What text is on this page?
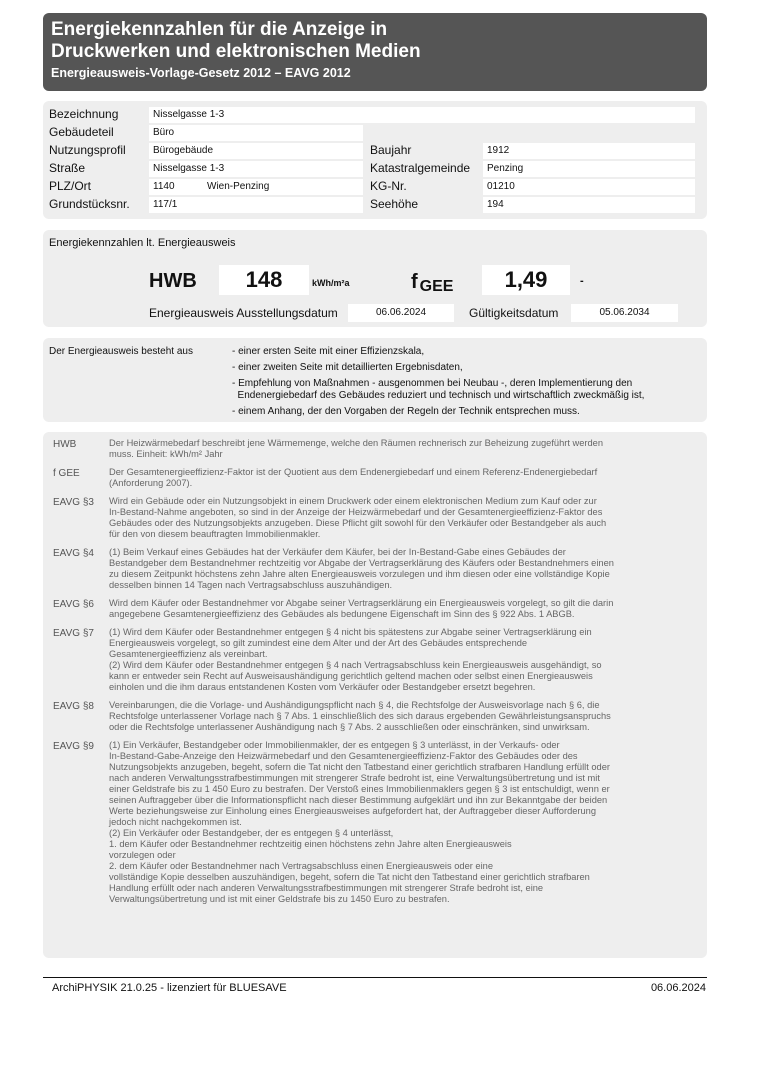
Energiekennzahlen für die Anzeige in
Druckwerken und elektronischen Medien
Energieausweis-Vorlage-Gesetz 2012 – EAVG 2012
Bezeichnung	Nisselgasse 1-3
Gebäudeteil	Büro
Nutzungsprofil	Bürogebäude	Baujahr	1912
Straße	Nisselgasse 1-3	Katastralgemeinde	Penzing
PLZ/Ort	1140	Wien-Penzing	KG-Nr.	01210
Grundstücksnr.	117/1	Seehöhe	194
Energiekennzahlen lt. Energieausweis
HWB	148	kWh/m²a	f $_{GEE}$	1,49	-
Energieausweis Ausstellungsdatum	06.06.2024	Gültigkeitsdatum	05.06.2034
Der Energieausweis besteht aus	- einer ersten Seite mit einer Effizienzskala,
- einer zweiten Seite mit detaillierten Ergebnisdaten,
- Empfehlung von Maßnahmen - ausgenommen bei Neubau -, deren Implementierung den
Endenergiebedarf des Gebäudes reduziert und technisch und wirtschaftlich zweckmäßig ist,
- einem Anhang, der den Vorgaben der Regeln der Technik entsprechen muss.
HWB	Der Heizwärmebedarf beschreibt jene Wärmemenge, welche den Räumen rechnerisch zur Beheizung zugeführt werden
muss. Einheit: kWh/m² Jahr
f GEE	Der Gesamtenergieeffizienz-Faktor ist der Quotient aus dem Endenergiebedarf und einem Referenz-Endenergiebedarf
(Anforderung 2007).
EAVG §3	Wird ein Gebäude oder ein Nutzungsobjekt in einem Druckwerk oder einem elektronischen Medium zum Kauf oder zur
In-Bestand-Nahme angeboten, so sind in der Anzeige der Heizwärmebedarf und der Gesamtenergieeffizienz-Faktor des
Gebäudes oder des Nutzungsobjekts anzugeben. Diese Pflicht gilt sowohl für den Verkäufer oder Bestandgeber als auch
für den von diesem beauftragten Immobilienmakler.
EAVG §4	(1) Beim Verkauf eines Gebäudes hat der Verkäufer dem Käufer, bei der In-Bestand-Gabe eines Gebäudes der
Bestandgeber dem Bestandnehmer rechtzeitig vor Abgabe der Vertragserklärung des Käufers oder Bestandnehmers einen
zu diesem Zeitpunkt höchstens zehn Jahre alten Energieausweis vorzulegen und ihm diesen oder eine vollständige Kopie
desselben binnen 14 Tagen nach Vertragsabschluss auszuhändigen.
EAVG §6	Wird dem Käufer oder Bestandnehmer vor Abgabe seiner Vertragserklärung ein Energieausweis vorgelegt, so gilt die darin
angegebene Gesamtenergieeffizienz des Gebäudes als bedungene Eigenschaft im Sinn des § 922 Abs. 1 ABGB.
EAVG §7	(1) Wird dem Käufer oder Bestandnehmer entgegen § 4 nicht bis spätestens zur Abgabe seiner Vertragserklärung ein
Energieausweis vorgelegt, so gilt zumindest eine dem Alter und der Art des Gebäudes entsprechende
Gesamtenergieeffizienz als vereinbart.
(2) Wird dem Käufer oder Bestandnehmer entgegen § 4 nach Vertragsabschluss kein Energieausweis ausgehändigt, so
kann er entweder sein Recht auf Ausweisaushändigung gerichtlich geltend machen oder selbst einen Energieausweis
einholen und die ihm daraus entstandenen Kosten vom Verkäufer oder Bestandgeber ersetzt begehren.
EAVG §8	Vereinbarungen, die die Vorlage- und Aushändigungspflicht nach § 4, die Rechtsfolge der Ausweisvorlage nach § 6, die
Rechtsfolge unterlassener Vorlage nach § 7 Abs. 1 einschließlich des sich daraus ergebenden Gewährleistungsanspruchs
oder die Rechtsfolge unterlassener Aushändigung nach § 7 Abs. 2 ausschließen oder einschränken, sind unwirksam.
EAVG §9	(1) Ein Verkäufer, Bestandgeber oder Immobilienmakler, der es entgegen § 3 unterlässt, in der Verkaufs- oder
In-Bestand-Gabe-Anzeige den Heizwärmebedarf und den Gesamtenergieeffizienz-Faktor des Gebäudes oder des
Nutzungsobjekts anzugeben, begeht, sofern die Tat nicht den Tatbestand einer gerichtlich strafbaren Handlung erfüllt oder
nach anderen Verwaltungsstrafbestimmungen mit strengerer Strafe bedroht ist, eine Verwaltungsübertretung und ist mit
einer Geldstrafe bis zu 1 450 Euro zu bestrafen. Der Verstoß eines Immobilienmaklers gegen § 3 ist entschuldigt, wenn er
seinen Auftraggeber über die Informationspflicht nach dieser Bestimmung aufgeklärt und ihn zur Bekanntgabe der beiden
Werte beziehungsweise zur Einholung eines Energieausweises aufgefordert hat, der Auftraggeber dieser Aufforderung
jedoch nicht nachgekommen ist.
(2) Ein Verkäufer oder Bestandgeber, der es entgegen § 4 unterlässt,
1. dem Käufer oder Bestandnehmer rechtzeitig einen höchstens zehn Jahre alten Energieausweis
vorzulegen oder
2. dem Käufer oder Bestandnehmer nach Vertragsabschluss einen Energieausweis oder eine
vollständige Kopie desselben auszuhändigen, begeht, sofern die Tat nicht den Tatbestand einer gerichtlich strafbaren
Handlung erfüllt oder nach anderen Verwaltungsstrafbestimmungen mit strengerer Strafe bedroht ist, eine
Verwaltungsübertretung und ist mit einer Geldstrafe bis zu 1450 Euro zu bestrafen.
ArchiPHYSIK 21.0.25 - lizenziert für BLUESAVE	06.06.2024
